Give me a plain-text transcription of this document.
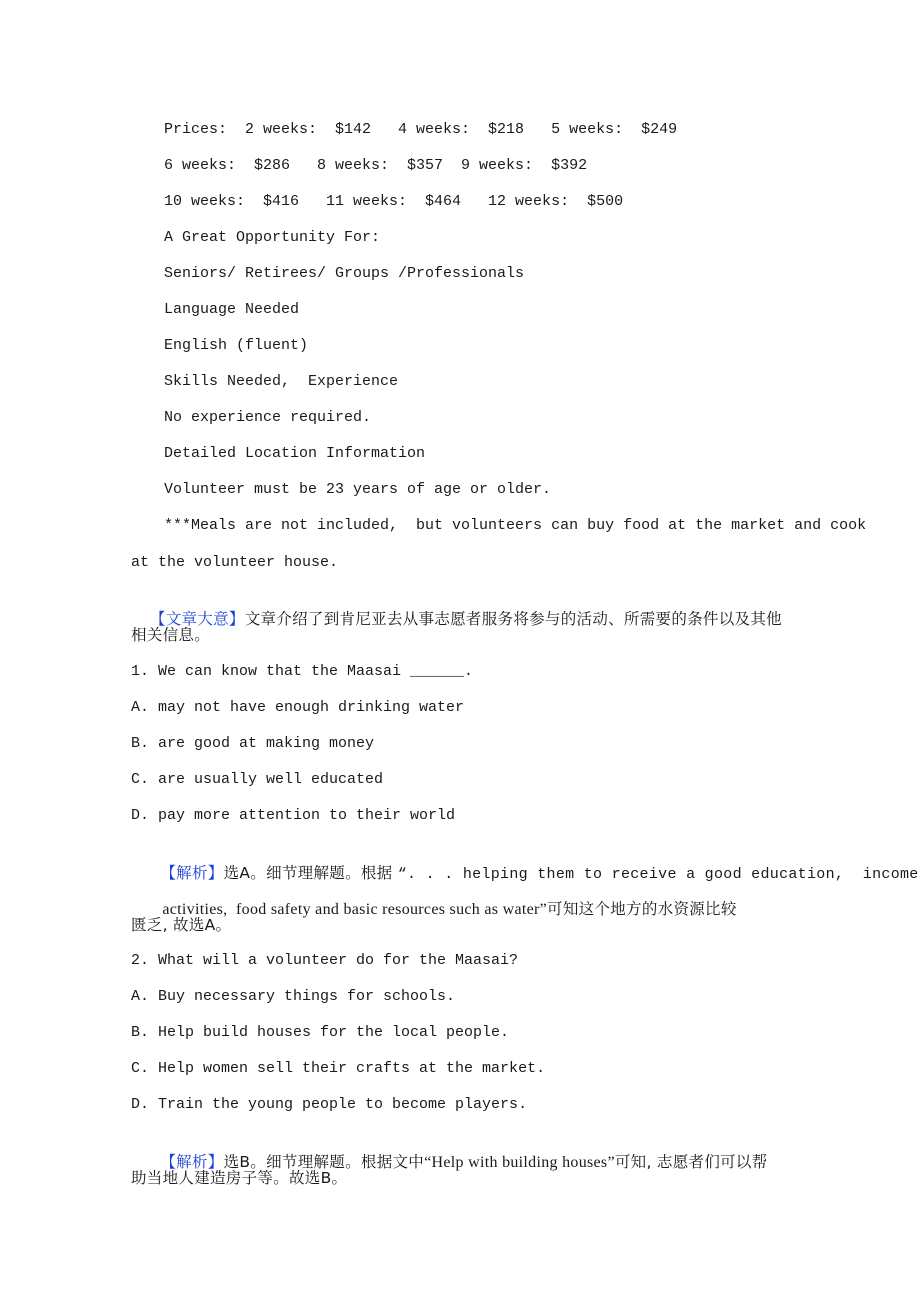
Prices:  2 weeks:  $142   4 weeks:  $218   5 weeks:  $249
6 weeks:  $286   8 weeks:  $357  9 weeks:  $392
10 weeks:  $416   11 weeks:  $464   12 weeks:  $500
A Great Opportunity For:
Seniors/ Retirees/ Groups /Professionals
Language Needed
English (fluent)
Skills Needed,  Experience
No experience required.
Detailed Location Information
Volunteer must be 23 years of age or older.
***Meals are not included,  but volunteers can buy food at the market and cook
at the volunteer house.

【文章大意】文章介绍了到肯尼亚去从事志愿者服务将参与的活动、所需要的条件以及其他

相关信息。
1. We can know that the Maasai ______.
A. may not have enough drinking water
B. are good at making money
C. are usually well educated
D. pay more attention to their world

【解析】选A。细节理解题。根据 “. . . helping them to receive a good education,  income

activities,  food safety and basic resources such as water”可知这个地方的水资源比较

匮乏, 故选A。
2. What will a volunteer do for the Maasai?
A. Buy necessary things for schools.
B. Help build houses for the local people.
C. Help women sell their crafts at the market.
D. Train the young people to become players.

【解析】选B。细节理解题。根据文中“Help with building houses”可知, 志愿者们可以帮

助当地人建造房子等。故选B。
